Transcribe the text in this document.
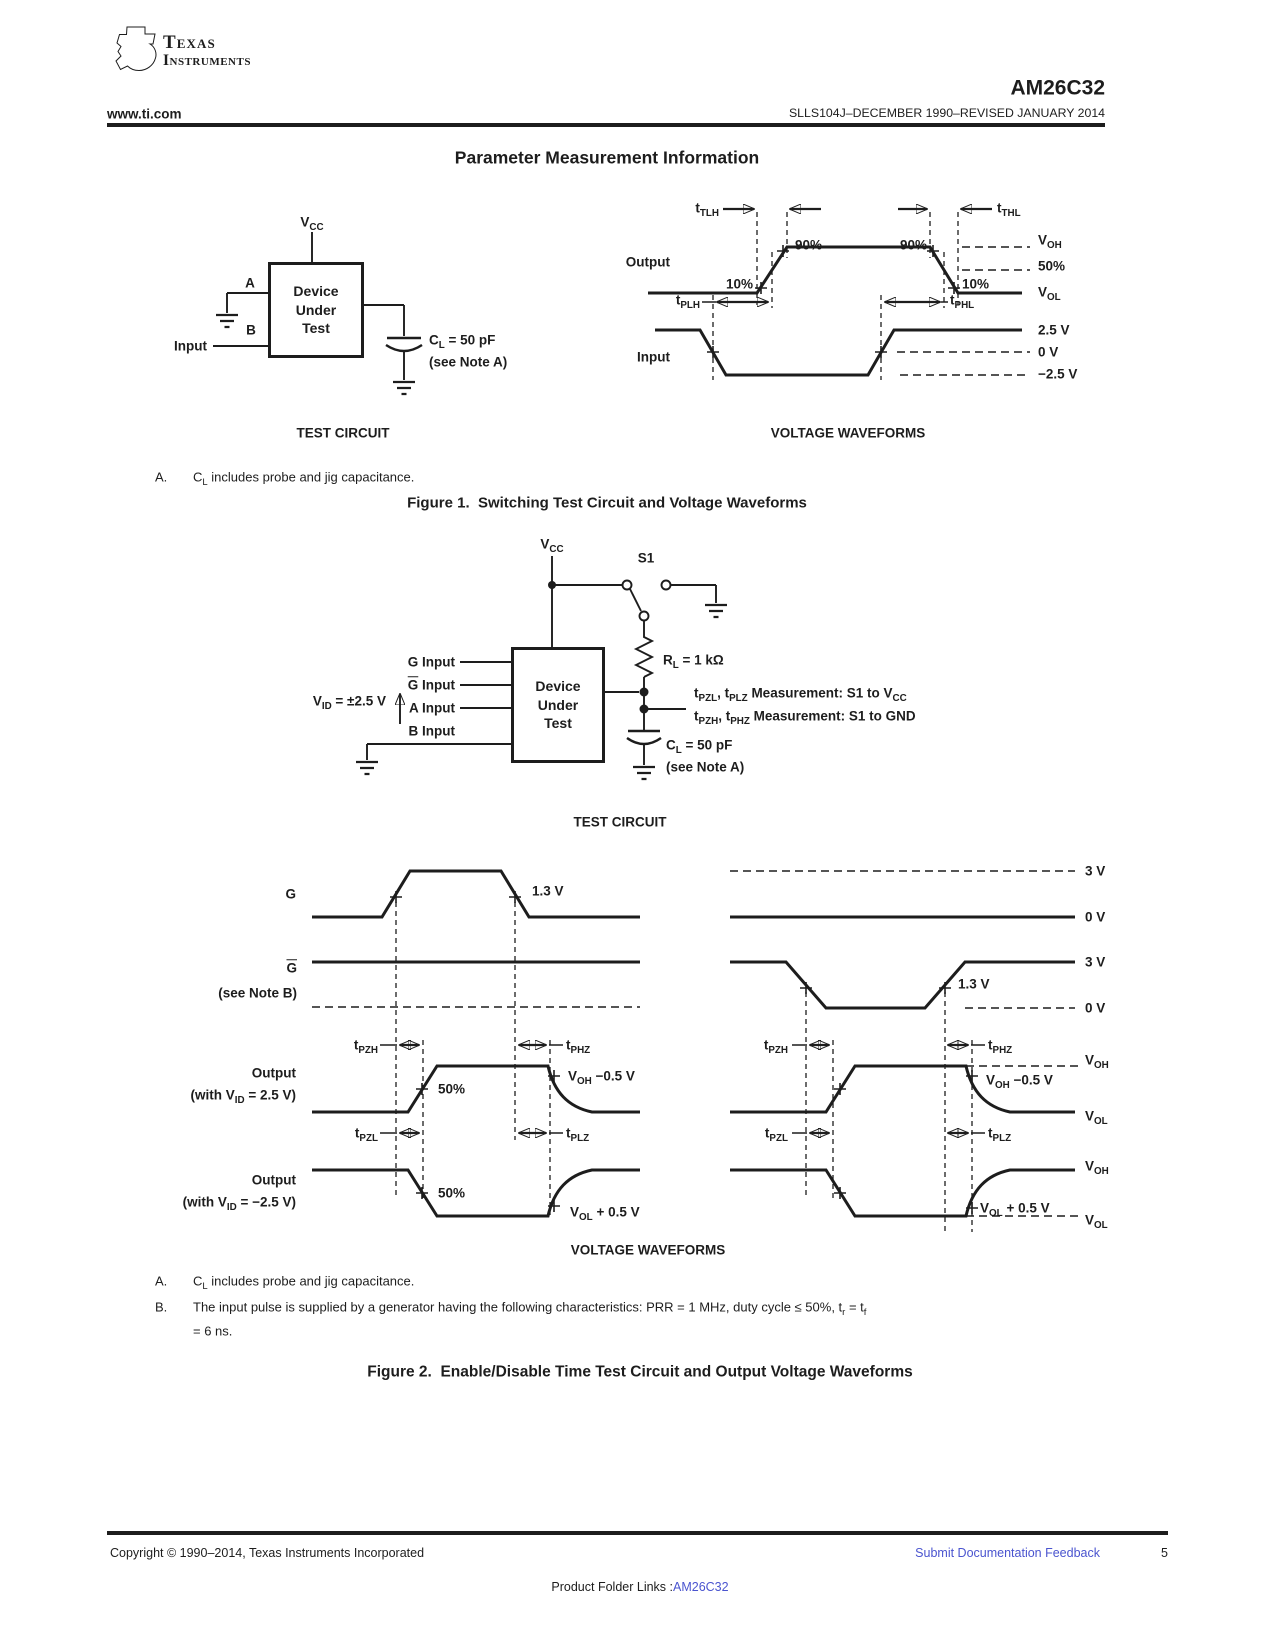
ti Texas
Instruments
www.ti.com
AM26C32
SLLS104J–DECEMBER 1990–REVISED JANUARY 2014
Parameter Measurement Information
$V_{CC}$
A
B
Input
Device
Under
Test
$C_L = 50$ pF
(see Note A)
TEST CIRCUIT
$t_{TLH}$	$t_{THL}$
Output
90%	90%
10%	10%
$V_{OH}$
50%
$V_{OL}$
$t_{PLH}$	$t_{PHL}$
Input
2.5 V
0 V
−2.5 V
VOLTAGE WAVEFORMS
A. $C_L$ includes probe and jig capacitance.
Figure 1.  Switching Test Circuit and Voltage Waveforms
$V_{CC}$
S1
$R_L = 1$ kΩ
Device
Under
Test
G Input
$\overline{G}$ Input
A Input
B Input
$V_{ID} = \pm 2.5$ V
$t_{PZL}$, $t_{PLZ}$ Measurement: S1 to $V_{CC}$
$t_{PZH}$, $t_{PHZ}$ Measurement: S1 to GND
$C_L = 50$ pF
(see Note A)
TEST CIRCUIT
G	1.3 V
$\overline{G}$
(see Note B)
3 V
0 V
3 V
1.3 V
0 V
$t_{PZH}$	$t_{PHZ}$	$t_{PZH}$	$t_{PHZ}$
Output
(with $V_{ID} = 2.5$ V)	50%
$V_{OH} -0.5$ V	$V_{OH} -0.5$ V
$V_{OH}$
$V_{OL}$
$t_{PZL}$	$t_{PLZ}$	$t_{PZL}$	$t_{PLZ}$
Output
(with $V_{ID} = -2.5$ V)
50%
$V_{OL} + 0.5$ V	$V_{OL} + 0.5$ V
$V_{OH}$
$V_{OL}$
VOLTAGE WAVEFORMS
A. $C_L$ includes probe and jig capacitance.
B. The input pulse is supplied by a generator having the following characteristics: PRR = 1 MHz, duty cycle ≤ 50%, $t_r = t_f$
= 6 ns.
Figure 2.  Enable/Disable Time Test Circuit and Output Voltage Waveforms
Copyright © 1990–2014, Texas Instruments Incorporated	Submit Documentation Feedback	5
Product Folder Links :AM26C32
